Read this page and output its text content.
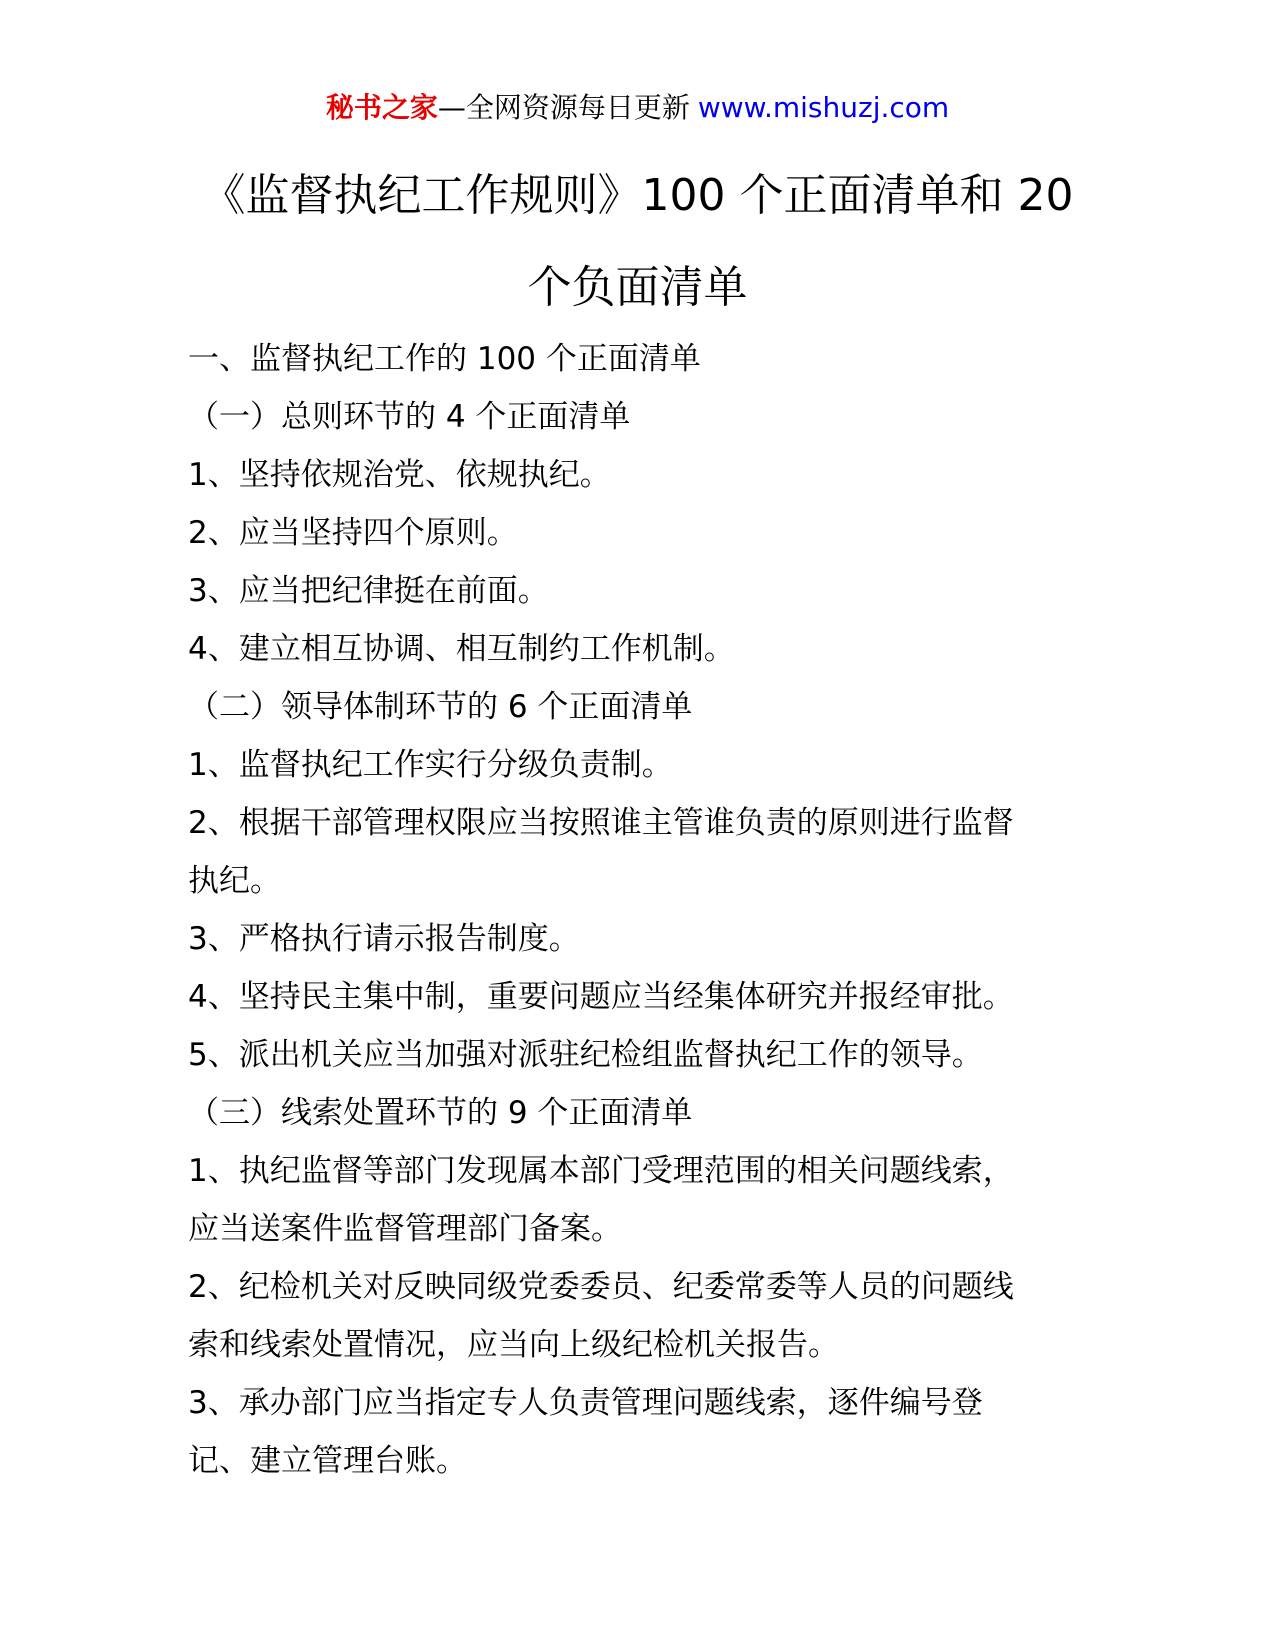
秘书之家—全网资源每日更新 www.mishuzj.com
《监督执纪工作规则》100 个正面清单和 20
个负面清单

一、监督执纪工作的 100 个正面清单

（一）总则环节的 4 个正面清单

1、坚持依规治党、依规执纪。

2、应当坚持四个原则。

3、应当把纪律挺在前面。

4、建立相互协调、相互制约工作机制。

（二）领导体制环节的 6 个正面清单

1、监督执纪工作实行分级负责制。

2、根据干部管理权限应当按照谁主管谁负责的原则进行监督
执纪。

3、严格执行请示报告制度。

4、坚持民主集中制，重要问题应当经集体研究并报经审批。

5、派出机关应当加强对派驻纪检组监督执纪工作的领导。

（三）线索处置环节的 9 个正面清单

1、执纪监督等部门发现属本部门受理范围的相关问题线索，
应当送案件监督管理部门备案。

2、纪检机关对反映同级党委委员、纪委常委等人员的问题线
索和线索处置情况，应当向上级纪检机关报告。

3、承办部门应当指定专人负责管理问题线索，逐件编号登
记、建立管理台账。
